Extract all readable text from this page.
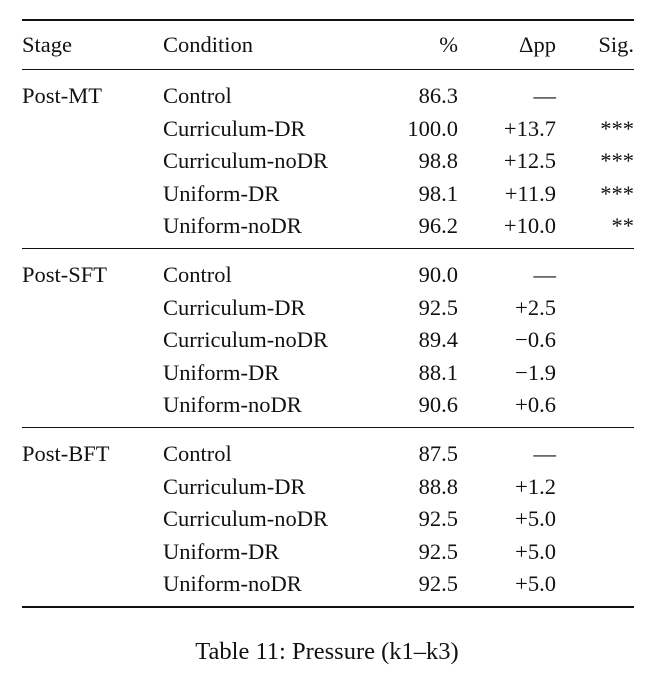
Stage	Condition	%	Δpp	Sig.
Post-MT	Control	86.3	—	
	Curriculum-DR	100.0	+13.7	***
	Curriculum-noDR	98.8	+12.5	***
	Uniform-DR	98.1	+11.9	***
	Uniform-noDR	96.2	+10.0	**
Post-SFT	Control	90.0	—	
	Curriculum-DR	92.5	+2.5	
	Curriculum-noDR	89.4	−0.6	
	Uniform-DR	88.1	−1.9	
	Uniform-noDR	90.6	+0.6	
Post-BFT	Control	87.5	—	
	Curriculum-DR	88.8	+1.2	
	Curriculum-noDR	92.5	+5.0	
	Uniform-DR	92.5	+5.0	
	Uniform-noDR	92.5	+5.0	
Table 11: Pressure (k1–k3)
